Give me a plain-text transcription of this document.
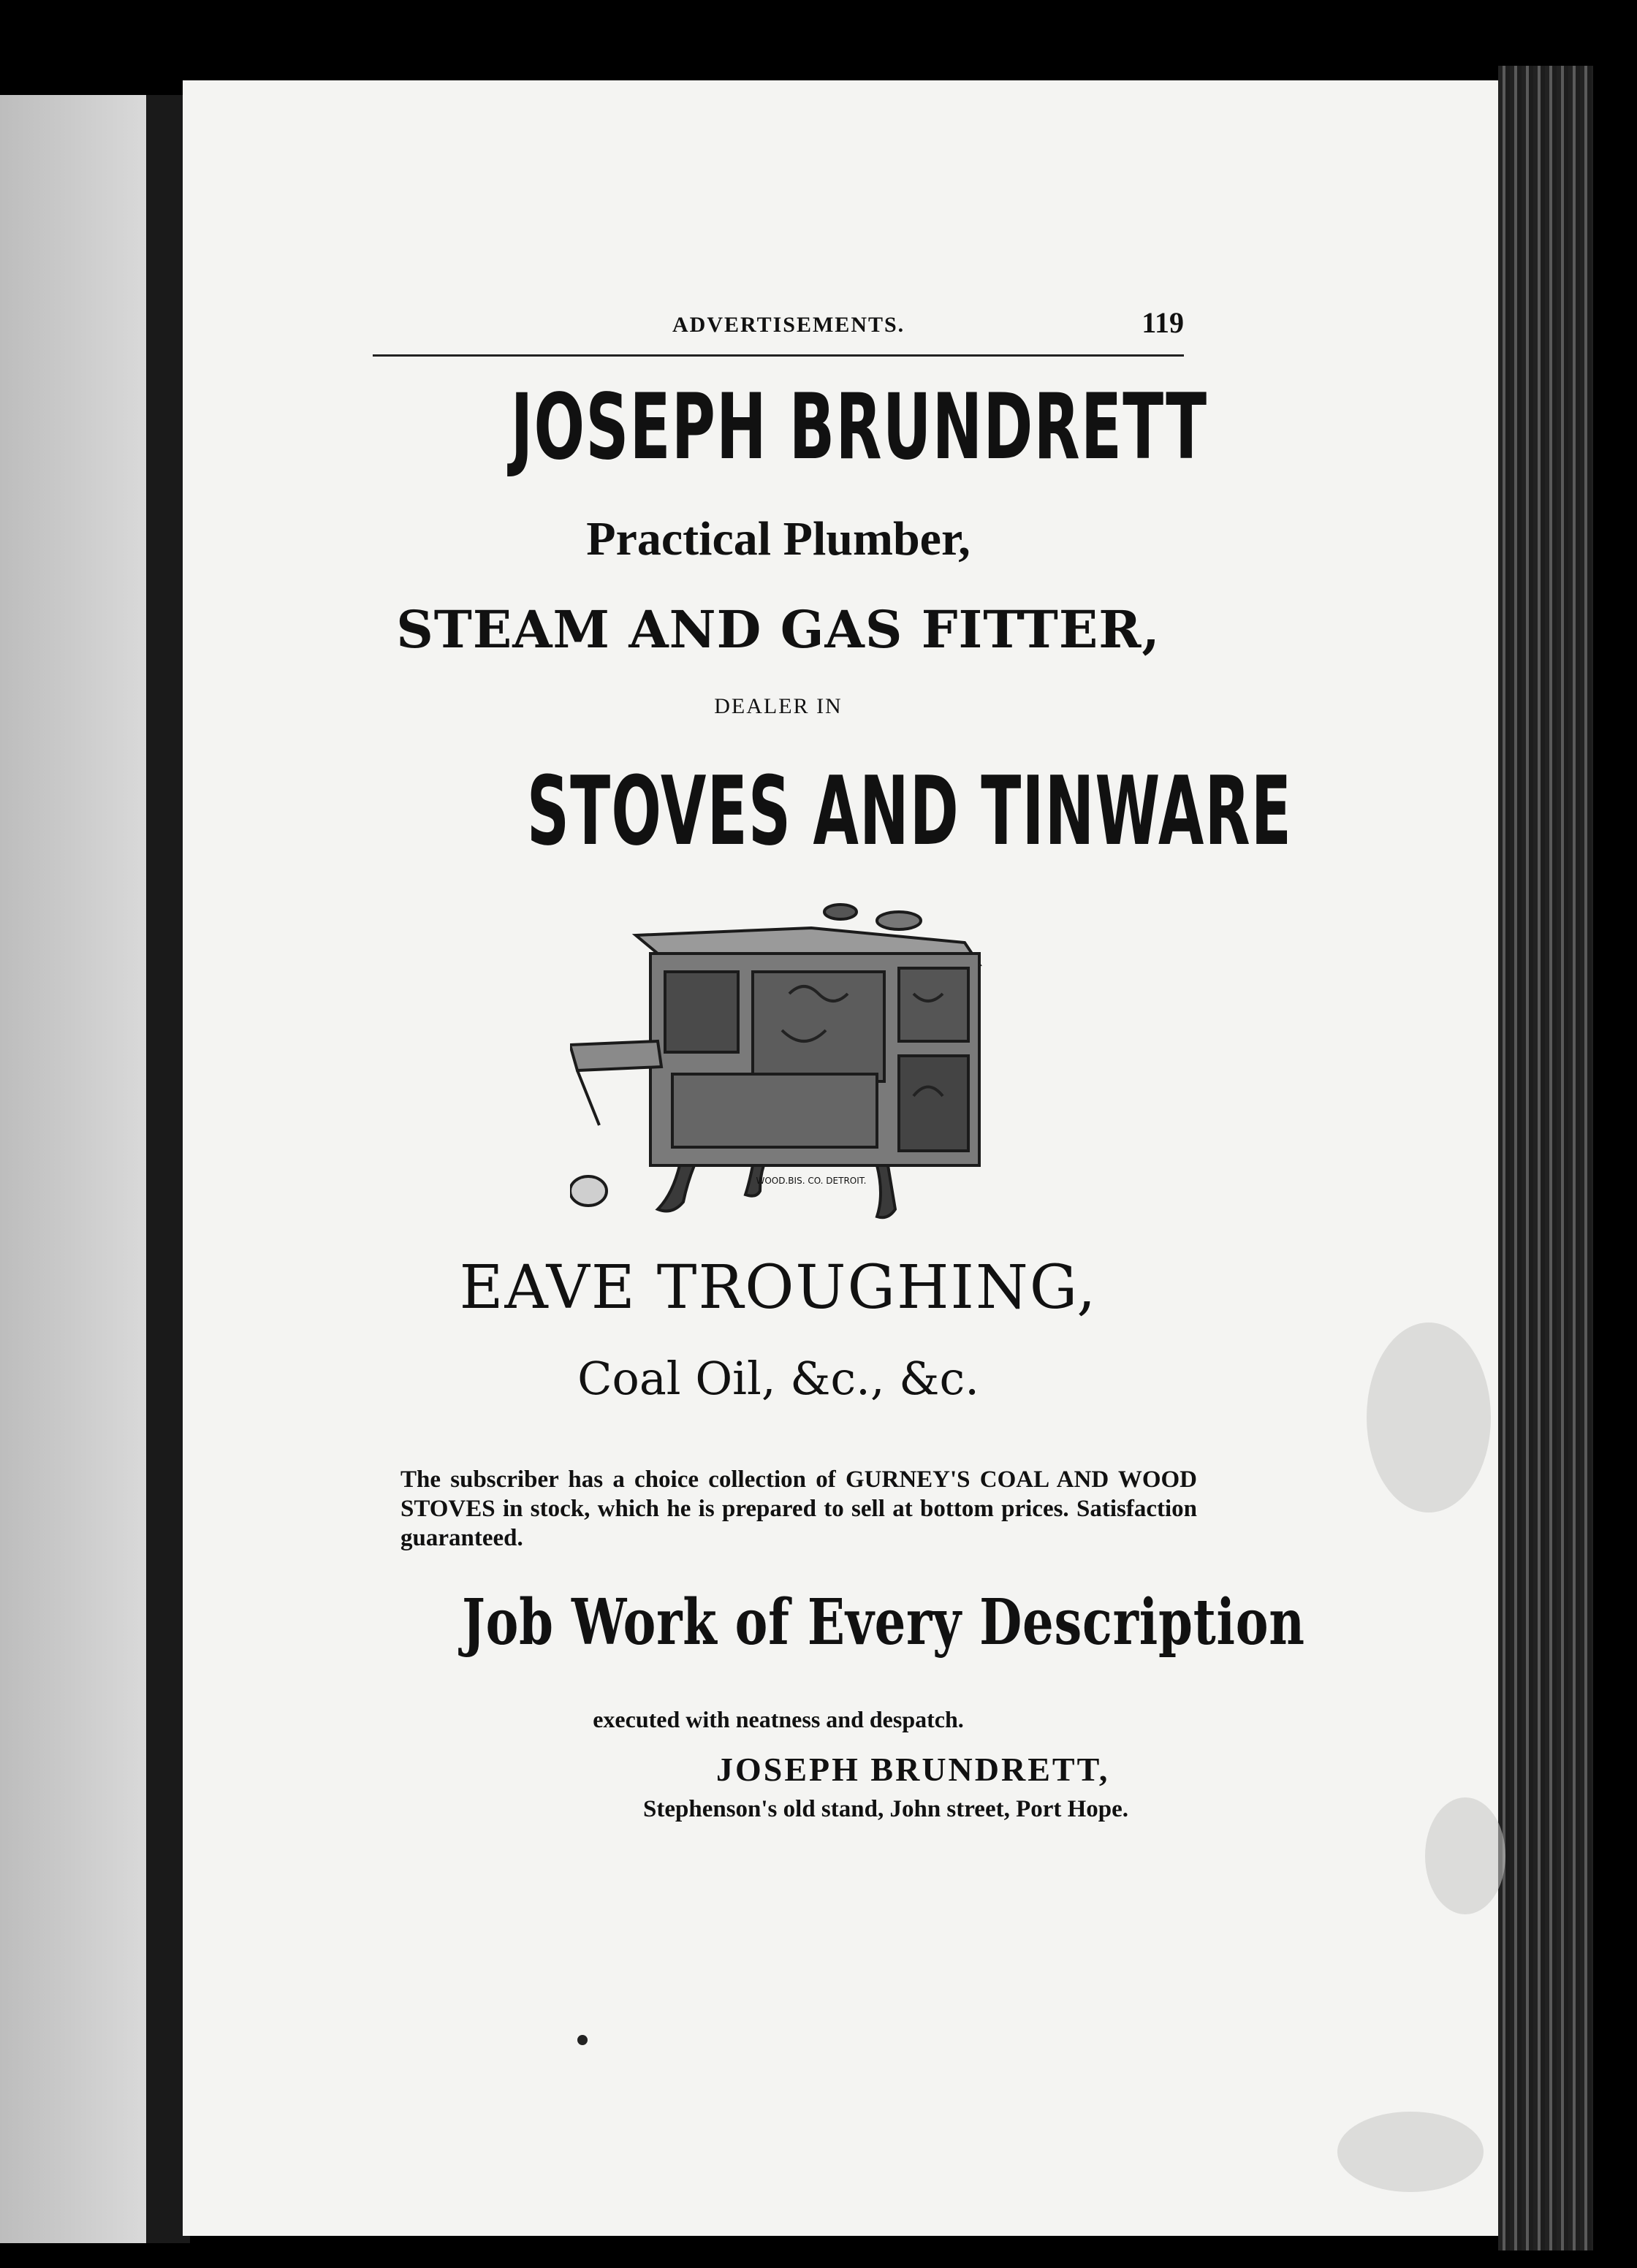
ADVERTISEMENTS.	119
JOSEPH BRUNDRETT
Practical Plumber,
STEAM AND GAS FITTER,
DEALER IN
STOVES AND TINWARE
WOOD.BIS. CO. DETROIT.
EAVE TROUGHING,
Coal Oil, &c., &c.
The subscriber has a choice collection of GURNEY'S COAL AND WOOD STOVES in stock, which he is prepared to sell at bottom prices. Satisfaction guaranteed.
Job Work of Every Description
executed with neatness and despatch.
JOSEPH BRUNDRETT,
Stephenson's old stand, John street, Port Hope.
